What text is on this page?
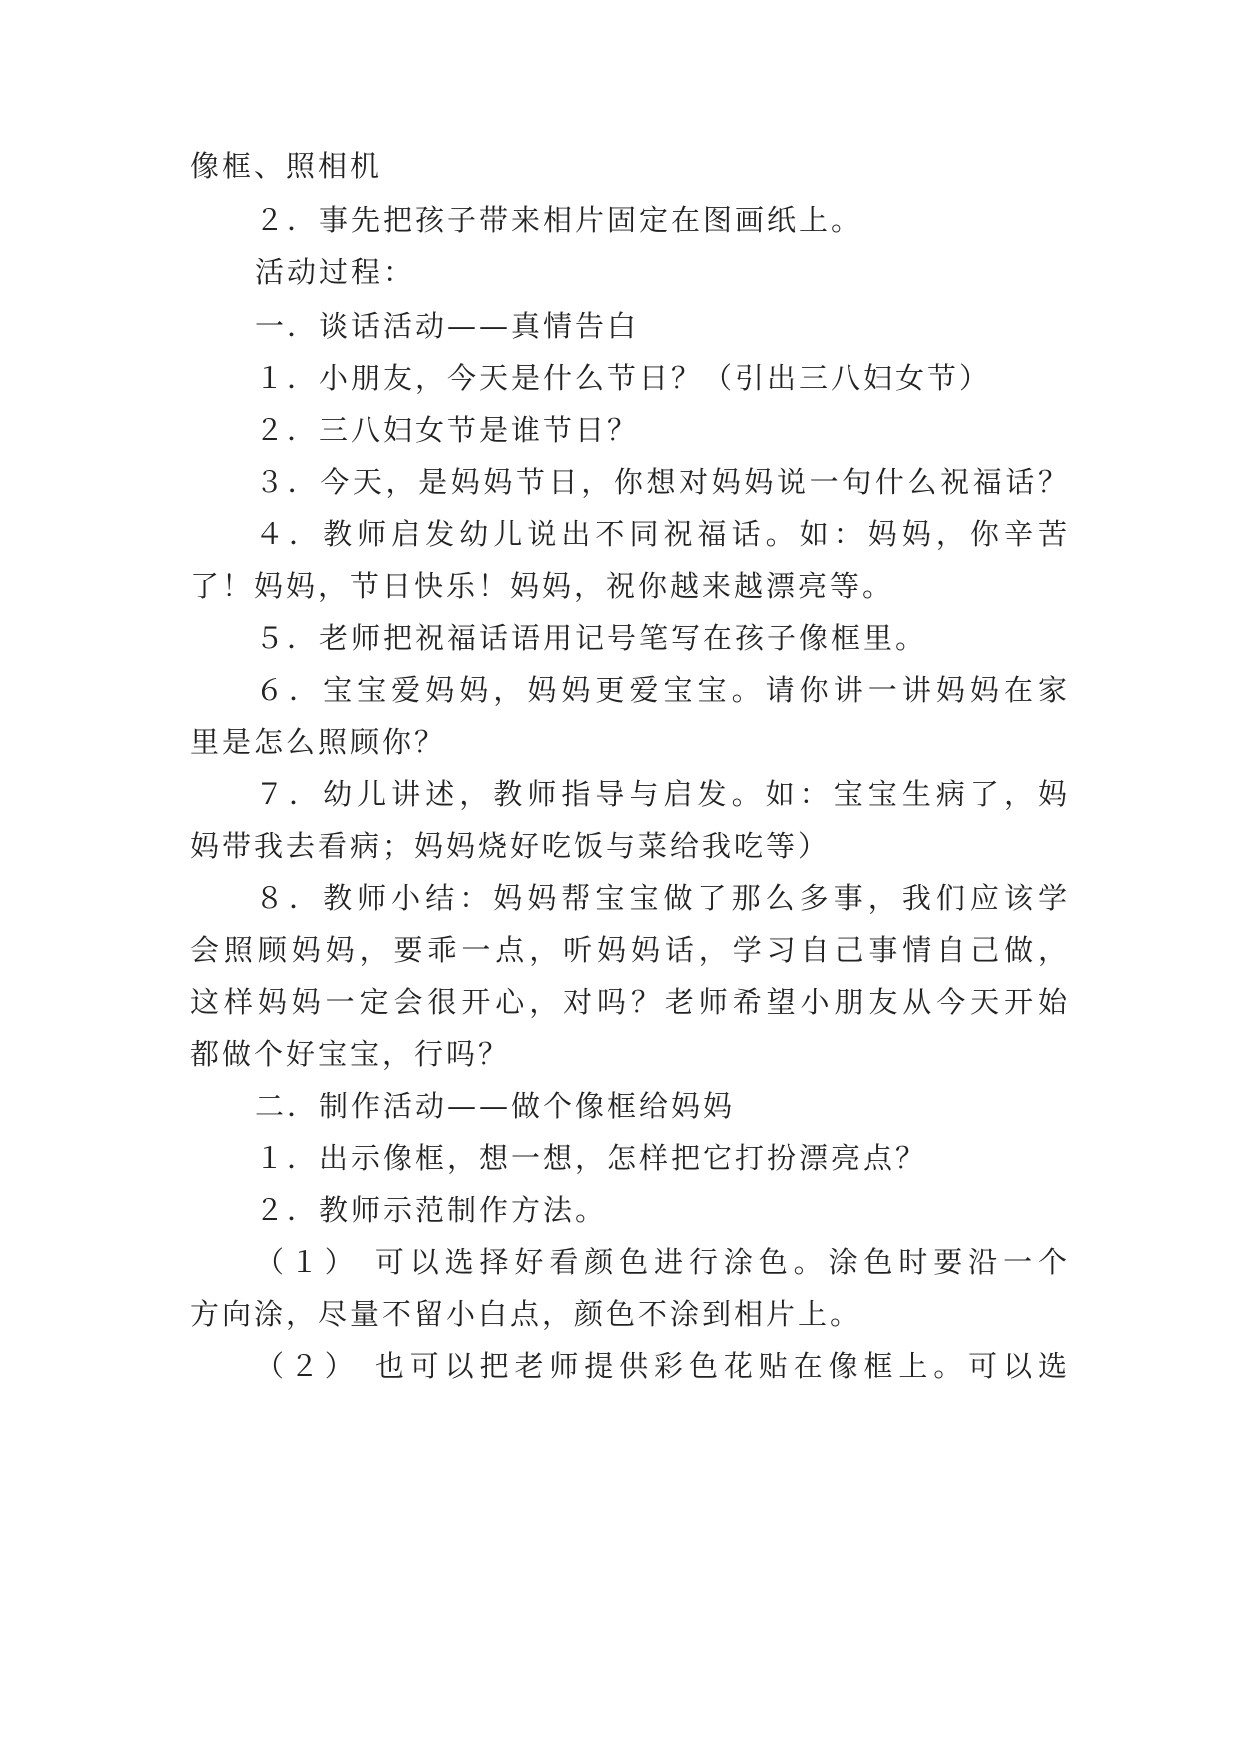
像框、照相机
２．事先把孩子带来相片固定在图画纸上。
活动过程：
一．谈话活动——真情告白
１．小朋友，今天是什么节日？（引出三八妇女节）
２．三八妇女节是谁节日？
３．今天，是妈妈节日，你想对妈妈说一句什么祝福话？
４．教师启发幼儿说出不同祝福话。如：妈妈，你辛苦
了！妈妈，节日快乐！妈妈，祝你越来越漂亮等。
５．老师把祝福话语用记号笔写在孩子像框里。
６．宝宝爱妈妈，妈妈更爱宝宝。请你讲一讲妈妈在家
里是怎么照顾你？
７．幼儿讲述，教师指导与启发。如：宝宝生病了，妈
妈带我去看病；妈妈烧好吃饭与菜给我吃等）
８．教师小结：妈妈帮宝宝做了那么多事，我们应该学
会照顾妈妈，要乖一点，听妈妈话，学习自己事情自己做，
这样妈妈一定会很开心，对吗？老师希望小朋友从今天开始
都做个好宝宝，行吗？
二．制作活动——做个像框给妈妈
１．出示像框，想一想，怎样把它打扮漂亮点？
２．教师示范制作方法。
（１） 可以选择好看颜色进行涂色。涂色时要沿一个
方向涂，尽量不留小白点，颜色不涂到相片上。
（２） 也可以把老师提供彩色花贴在像框上。可以选
